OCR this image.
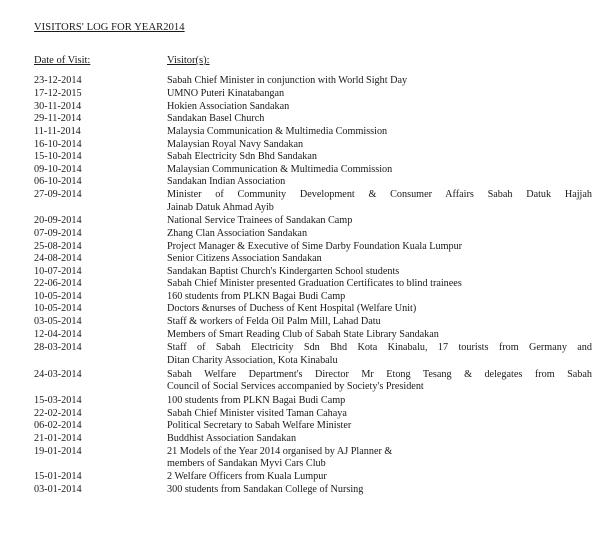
VISITORS' LOG FOR YEAR2014
Date of Visit:	Visitor(s):
23-12-2014	Sabah Chief Minister in conjunction with World Sight Day
17-12-2015	UMNO Puteri Kinatabangan
30-11-2014	Hokien Association Sandakan
29-11-2014	Sandakan Basel Church
11-11-2014	Malaysia Communication & Multimedia Commission
16-10-2014	Malaysian Royal Navy Sandakan
15-10-2014	Sabah Electricity Sdn Bhd Sandakan
09-10-2014	Malaysian Communication & Multimedia Commission
06-10-2014	Sandakan Indian Association
27-09-2014	Minister of Community Development & Consumer Affairs Sabah Datuk Hajjah
Jainab Datuk Ahmad Ayib
20-09-2014	National Service Trainees of Sandakan Camp
07-09-2014	Zhang Clan Association Sandakan
25-08-2014	Project Manager & Executive of Sime Darby Foundation Kuala Lumpur
24-08-2014	Senior Citizens Association Sandakan
10-07-2014	Sandakan Baptist Church's Kindergarten School students
22-06-2014	Sabah Chief Minister presented Graduation Certificates to blind trainees
10-05-2014	160 students from PLKN Bagai Budi Camp
10-05-2014	Doctors &nurses of Duchess of Kent Hospital (Welfare Unit)
03-05-2014	Staff & workers of Felda Oil Palm Mill, Lahad Datu
12-04-2014	Members of Smart Reading Club of Sabah State Library Sandakan
28-03-2014	Staff of Sabah Electricity Sdn Bhd Kota Kinabalu, 17 tourists from Germany and
Ditan Charity Association, Kota Kinabalu
24-03-2014	Sabah Welfare Department's Director Mr Etong Tesang & delegates from Sabah
Council of Social Services accompanied by Society's President
15-03-2014	100 students from PLKN Bagai Budi Camp
22-02-2014	Sabah Chief Minister visited Taman Cahaya
06-02-2014	Political Secretary to Sabah Welfare Minister
21-01-2014	Buddhist Association Sandakan
19-01-2014	21 Models of the Year 2014 organised by AJ Planner &
members of Sandakan Myvi Cars Club
15-01-2014	2 Welfare Officers from Kuala Lumpur
03-01-2014	300 students from Sandakan College of Nursing
